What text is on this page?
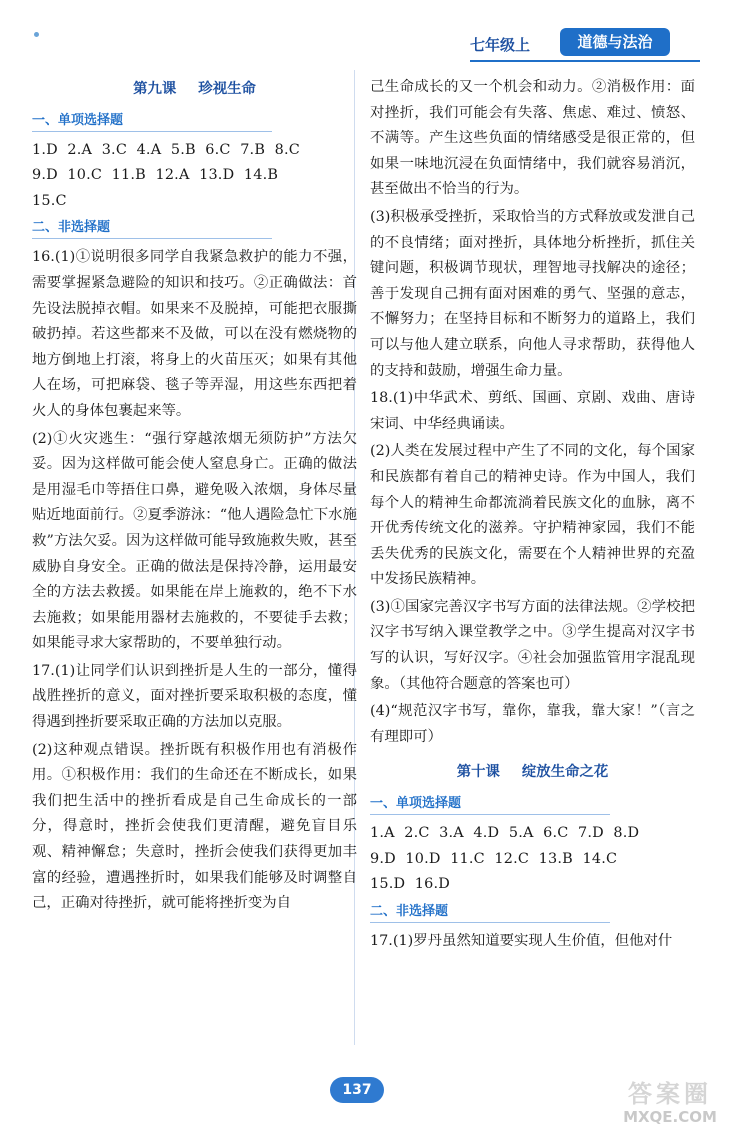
七年级上	道德与法治
第九课 珍视生命
一、单项选择题
1.D  2.A  3.C  4.A  5.B  6.C  7.B  8.C
9.D  10.C  11.B  12.A  13.D  14.B
15.C
二、非选择题

16.(1)①说明很多同学自我紧急救护的能力不强，需要掌握紧急避险的知识和技巧。②正确做法：首先设法脱掉衣帽。如果来不及脱掉，可能把衣服撕破扔掉。若这些都来不及做，可以在没有燃烧物的地方倒地上打滚，将身上的火苗压灭；如果有其他人在场，可把麻袋、毯子等弄湿，用这些东西把着火人的身体包裹起来等。

(2)①火灾逃生：“强行穿越浓烟无须防护”方法欠妥。因为这样做可能会使人窒息身亡。正确的做法是用湿毛巾等捂住口鼻，避免吸入浓烟，身体尽量贴近地面前行。②夏季游泳：“他人遇险急忙下水施救”方法欠妥。因为这样做可能导致施救失败，甚至威胁自身安全。正确的做法是保持冷静，运用最安全的方法去救援。如果能在岸上施救的，绝不下水去施救；如果能用器材去施救的，不要徒手去救；如果能寻求大家帮助的，不要单独行动。

17.(1)让同学们认识到挫折是人生的一部分，懂得战胜挫折的意义，面对挫折要采取积极的态度，懂得遇到挫折要采取正确的方法加以克服。

(2)这种观点错误。挫折既有积极作用也有消极作用。①积极作用：我们的生命还在不断成长，如果我们把生活中的挫折看成是自己生命成长的一部分，得意时，挫折会使我们更清醒，避免盲目乐观、精神懈怠；失意时，挫折会使我们获得更加丰富的经验，遭遇挫折时，如果我们能够及时调整自己，正确对待挫折，就可能将挫折变为自

己生命成长的又一个机会和动力。②消极作用：面对挫折，我们可能会有失落、焦虑、难过、愤怒、不满等。产生这些负面的情绪感受是很正常的，但如果一味地沉浸在负面情绪中，我们就容易消沉，甚至做出不恰当的行为。

(3)积极承受挫折，采取恰当的方式释放或发泄自己的不良情绪；面对挫折，具体地分析挫折，抓住关键问题，积极调节现状，理智地寻找解决的途径；善于发现自己拥有面对困难的勇气、坚强的意志，不懈努力；在坚持目标和不断努力的道路上，我们可以与他人建立联系，向他人寻求帮助，获得他人的支持和鼓励，增强生命力量。

18.(1)中华武术、剪纸、国画、京剧、戏曲、唐诗宋词、中华经典诵读。

(2)人类在发展过程中产生了不同的文化，每个国家和民族都有着自己的精神史诗。作为中国人，我们每个人的精神生命都流淌着民族文化的血脉，离不开优秀传统文化的滋养。守护精神家园，我们不能丢失优秀的民族文化，需要在个人精神世界的充盈中发扬民族精神。

(3)①国家完善汉字书写方面的法律法规。②学校把汉字书写纳入课堂教学之中。③学生提高对汉字书写的认识，写好汉字。④社会加强监管用字混乱现象。（其他符合题意的答案也可）

(4)“规范汉字书写，靠你，靠我，靠大家！”（言之有理即可）

第十课 绽放生命之花
一、单项选择题
1.A  2.C  3.A  4.D  5.A  6.C  7.D  8.D
9.D  10.D  11.C  12.C  13.B  14.C
15.D  16.D
二、非选择题

17.(1)罗丹虽然知道要实现人生价值，但他对什

137	答案圈
MXQE.COM
